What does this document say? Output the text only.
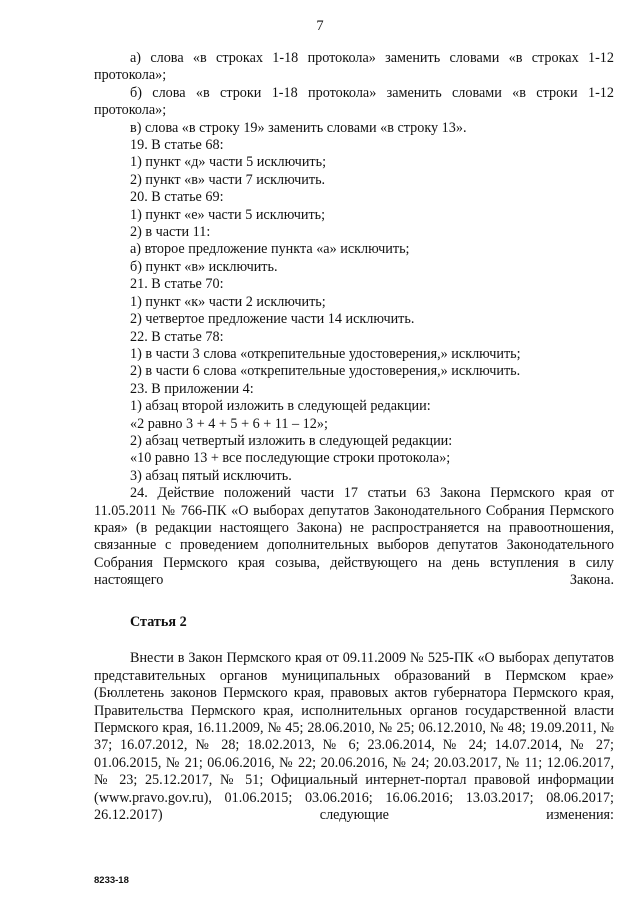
7

а) слова «в строках 1-18 протокола» заменить словами «в строках 1-12 протокола»;

б) слова «в строки 1-18 протокола» заменить словами «в строки 1-12 протокола»;

в) слова «в строку 19» заменить словами «в строку 13».

19. В статье 68:

1) пункт «д» части 5 исключить;

2) пункт «в» части 7 исключить.

20. В статье 69:

1) пункт «е» части 5 исключить;

2) в части 11:

а) второе предложение пункта «а» исключить;

б) пункт «в» исключить.

21. В статье 70:

1) пункт «к» части 2 исключить;

2) четвертое предложение части 14 исключить.

22. В статье 78:

1) в части 3 слова «открепительные удостоверения,» исключить;

2) в части 6 слова «открепительные удостоверения,» исключить.

23. В приложении 4:

1) абзац второй изложить в следующей редакции:

«2 равно 3 + 4 + 5 + 6 + 11 – 12»;

2) абзац четвертый изложить в следующей редакции:

«10 равно 13 + все последующие строки протокола»;

3) абзац пятый исключить.

24. Действие положений части 17 статьи 63 Закона Пермского края от 11.05.2011 № 766-ПК «О выборах депутатов Законодательного Собрания Пермского края» (в редакции настоящего Закона) не распространяется на правоотношения, связанные с проведением дополнительных выборов депутатов Законодательного Собрания Пермского края созыва, действующего на день вступления в силу настоящего Закона.

Статья 2

Внести в Закон Пермского края от 09.11.2009 № 525-ПК «О выборах депутатов представительных органов муниципальных образований в Пермском крае» (Бюллетень законов Пермского края, правовых актов губернатора Пермского края, Правительства Пермского края, исполнительных органов государственной власти Пермского края, 16.11.2009, № 45; 28.06.2010, № 25; 06.12.2010, № 48; 19.09.2011, № 37; 16.07.2012, № 28; 18.02.2013, № 6; 23.06.2014, № 24; 14.07.2014, № 27; 01.06.2015, № 21; 06.06.2016, № 22; 20.06.2016, № 24; 20.03.2017, № 11; 12.06.2017, № 23; 25.12.2017, № 51; Официальный интернет-портал правовой информации (www.pravo.gov.ru), 01.06.2015; 03.06.2016; 16.06.2016; 13.03.2017; 08.06.2017; 26.12.2017) следующие изменения:

8233-18
